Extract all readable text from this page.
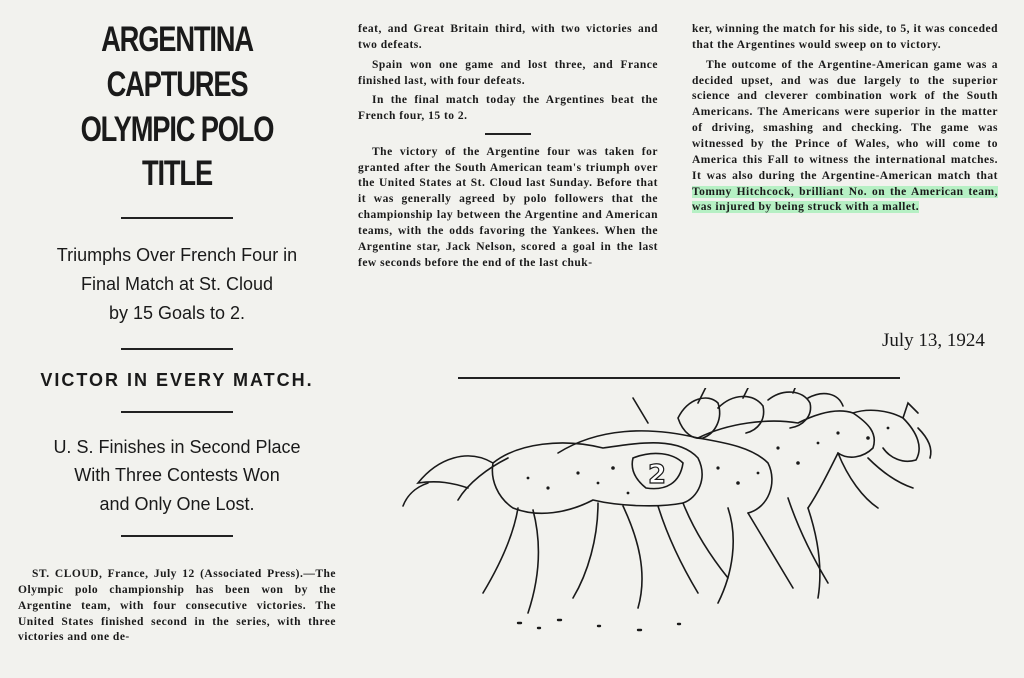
ARGENTINA CAPTURES
OLYMPIC POLO TITLE
Triumphs Over French Four in
Final Match at St. Cloud
by 15 Goals to 2.
VICTOR IN EVERY MATCH.
U. S. Finishes in Second Place
With Three Contests Won
and Only One Lost.

ST. CLOUD, France, July 12 (Associated Press).—The Olympic polo championship has been won by the Argentine team, with four consecutive victories. The United States finished second in the series, with three victories and one de-

feat, and Great Britain third, with two victories and two defeats.

Spain won one game and lost three, and France finished last, with four defeats.

In the final match today the Argentines beat the French four, 15 to 2.

The victory of the Argentine four was taken for granted after the South American team's triumph over the United States at St. Cloud last Sunday. Before that it was generally agreed by polo followers that the championship lay between the Argentine and American teams, with the odds favoring the Yankees. When the Argentine star, Jack Nelson, scored a goal in the last few seconds before the end of the last chuk-

ker, winning the match for his side, to 5, it was conceded that the Argentines would sweep on to victory.

The outcome of the Argentine-American game was a decided upset, and was due largely to the superior science and cleverer combination work of the South Americans. The Americans were superior in the matter of driving, smashing and checking. The game was witnessed by the Prince of Wales, who will come to America this Fall to witness the international matches. It was also during the Argentine-American match that Tommy Hitchcock, brilliant No. on the American team, was injured by being struck with a mallet.

July 13, 1924
2
